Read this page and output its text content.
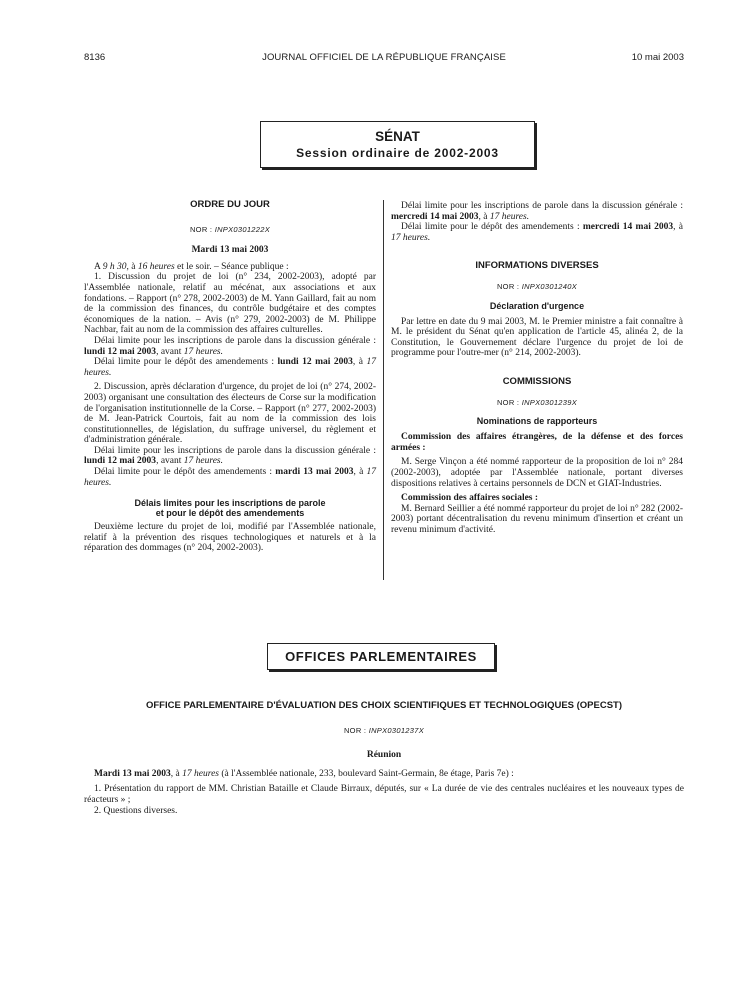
8136	JOURNAL OFFICIEL DE LA RÉPUBLIQUE FRANÇAISE	10 mai 2003
SÉNAT
Session ordinaire de 2002-2003
ORDRE DU JOUR
NOR : INPX0301222X
Mardi 13 mai 2003

A 9 h 30, à 16 heures et le soir. – Séance publique :

1. Discussion du projet de loi (n° 234, 2002-2003), adopté par l'Assemblée nationale, relatif au mécénat, aux associations et aux fondations. – Rapport (n° 278, 2002-2003) de M. Yann Gaillard, fait au nom de la commission des finances, du contrôle budgétaire et des comptes économiques de la nation. – Avis (n° 279, 2002-2003) de M. Philippe Nachbar, fait au nom de la commission des affaires culturelles.

Délai limite pour les inscriptions de parole dans la discussion générale : lundi 12 mai 2003, avant 17 heures.

Délai limite pour le dépôt des amendements : lundi 12 mai 2003, à 17 heures.

2. Discussion, après déclaration d'urgence, du projet de loi (n° 274, 2002-2003) organisant une consultation des électeurs de Corse sur la modification de l'organisation institutionnelle de la Corse. – Rapport (n° 277, 2002-2003) de M. Jean-Patrick Courtois, fait au nom de la commission des lois constitutionnelles, de législation, du suffrage universel, du règlement et d'administration générale.

Délai limite pour les inscriptions de parole dans la discussion générale : lundi 12 mai 2003, avant 17 heures.

Délai limite pour le dépôt des amendements : mardi 13 mai 2003, à 17 heures.

Délais limites pour les inscriptions de parole
et pour le dépôt des amendements

Deuxième lecture du projet de loi, modifié par l'Assemblée nationale, relatif à la prévention des risques technologiques et naturels et à la réparation des dommages (n° 204, 2002-2003).

Délai limite pour les inscriptions de parole dans la discussion générale : mercredi 14 mai 2003, à 17 heures.

Délai limite pour le dépôt des amendements : mercredi 14 mai 2003, à 17 heures.

INFORMATIONS DIVERSES
NOR : INPX0301240X
Déclaration d'urgence

Par lettre en date du 9 mai 2003, M. le Premier ministre a fait connaître à M. le président du Sénat qu'en application de l'article 45, alinéa 2, de la Constitution, le Gouvernement déclare l'urgence du projet de loi de programme pour l'outre-mer (n° 214, 2002-2003).

COMMISSIONS
NOR : INPX0301239X
Nominations de rapporteurs

Commission des affaires étrangères, de la défense et des forces armées :

M. Serge Vinçon a été nommé rapporteur de la proposition de loi n° 284 (2002-2003), adoptée par l'Assemblée nationale, portant diverses dispositions relatives à certains personnels de DCN et GIAT-Industries.

Commission des affaires sociales :

M. Bernard Seillier a été nommé rapporteur du projet de loi n° 282 (2002-2003) portant décentralisation du revenu minimum d'insertion et créant un revenu minimum d'activité.

OFFICES PARLEMENTAIRES
OFFICE PARLEMENTAIRE D'ÉVALUATION DES CHOIX SCIENTIFIQUES ET TECHNOLOGIQUES (OPECST)
NOR : INPX0301237X
Réunion

Mardi 13 mai 2003, à 17 heures (à l'Assemblée nationale, 233, boulevard Saint-Germain, 8e étage, Paris 7e) :

1. Présentation du rapport de MM. Christian Bataille et Claude Birraux, députés, sur « La durée de vie des centrales nucléaires et les nouveaux types de réacteurs » ;

2. Questions diverses.
